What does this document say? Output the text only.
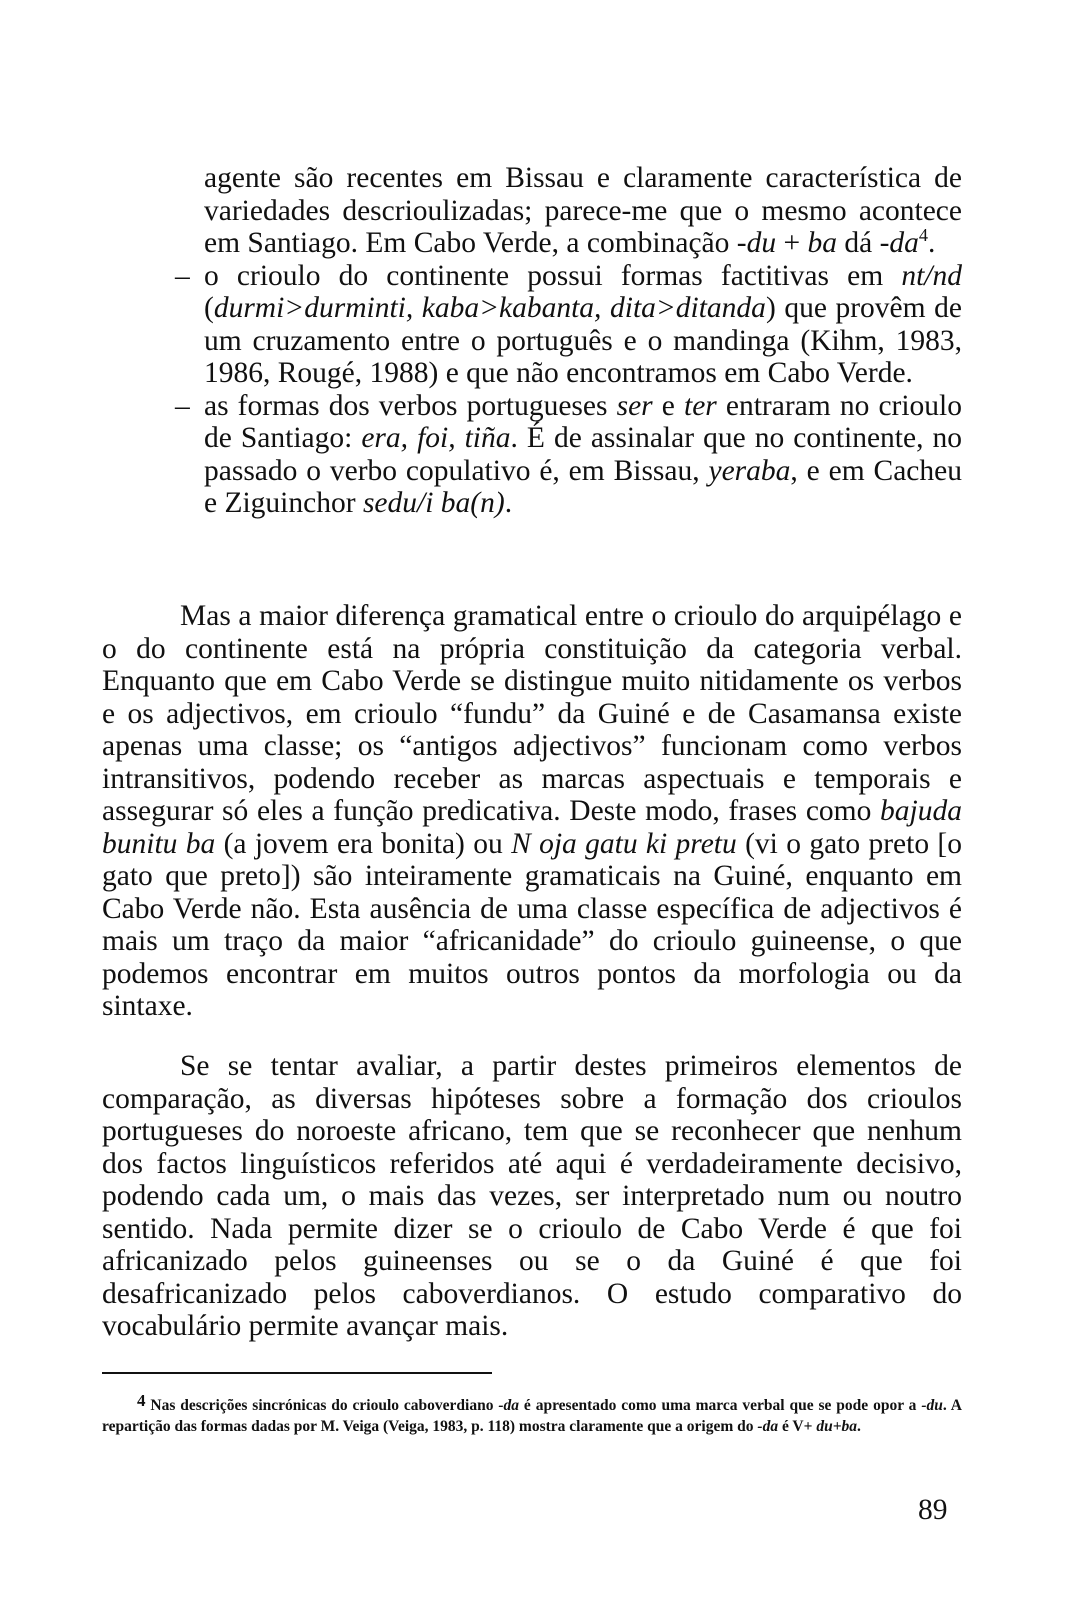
agente são recentes em Bissau e claramente característica de variedades descrioulizadas; parece-me que o mesmo acontece em Santiago. Em Cabo Verde, a combinação -du + ba dá $-da^4$.
– o crioulo do continente possui formas factitivas em nt/nd (durmi>durminti, kaba>kabanta, dita>ditanda) que provêm de um cruzamento entre o português e o mandinga (Kihm, 1983, 1986, Rougé, 1988) e que não encontramos em Cabo Verde.
– as formas dos verbos portugueses ser e ter entraram no crioulo de Santiago: era, foi, tiña. É de assinalar que no continente, no passado o verbo copulativo é, em Bissau, yeraba, e em Cacheu e Ziguinchor sedu/i ba(n).

Mas a maior diferença gramatical entre o crioulo do arquipélago e o do continente está na própria constituição da categoria verbal. Enquanto que em Cabo Verde se distingue muito nitidamente os verbos e os adjectivos, em crioulo “fundu” da Guiné e de Casamansa existe apenas uma classe; os “antigos adjectivos” funcionam como verbos intransitivos, podendo receber as marcas aspectuais e temporais e assegurar só eles a função predicativa. Deste modo, frases como bajuda bunitu ba (a jovem era bonita) ou N oja gatu ki pretu (vi o gato preto [o gato que preto]) são inteiramente gramaticais na Guiné, enquanto em Cabo Verde não. Esta ausência de uma classe específica de adjectivos é mais um traço da maior “africanidade” do crioulo guineense, o que podemos encontrar em muitos outros pontos da morfologia ou da sintaxe.

Se se tentar avaliar, a partir destes primeiros elementos de comparação, as diversas hipóteses sobre a formação dos crioulos portugueses do noroeste africano, tem que se reconhecer que nenhum dos factos linguísticos referidos até aqui é verdadeiramente decisivo, podendo cada um, o mais das vezes, ser interpretado num ou noutro sentido. Nada permite dizer se o crioulo de Cabo Verde é que foi africanizado pelos guineenses ou se o da Guiné é que foi desafricanizado pelos caboverdianos. O estudo comparativo do vocabulário permite avançar mais.

4 Nas descrições sincrónicas do crioulo caboverdiano -da é apresentado como uma marca verbal que se pode opor a -du. A repartição das formas dadas por M. Veiga (Veiga, 1983, p. 118) mostra claramente que a origem do -da é V+ du+ba.

89
